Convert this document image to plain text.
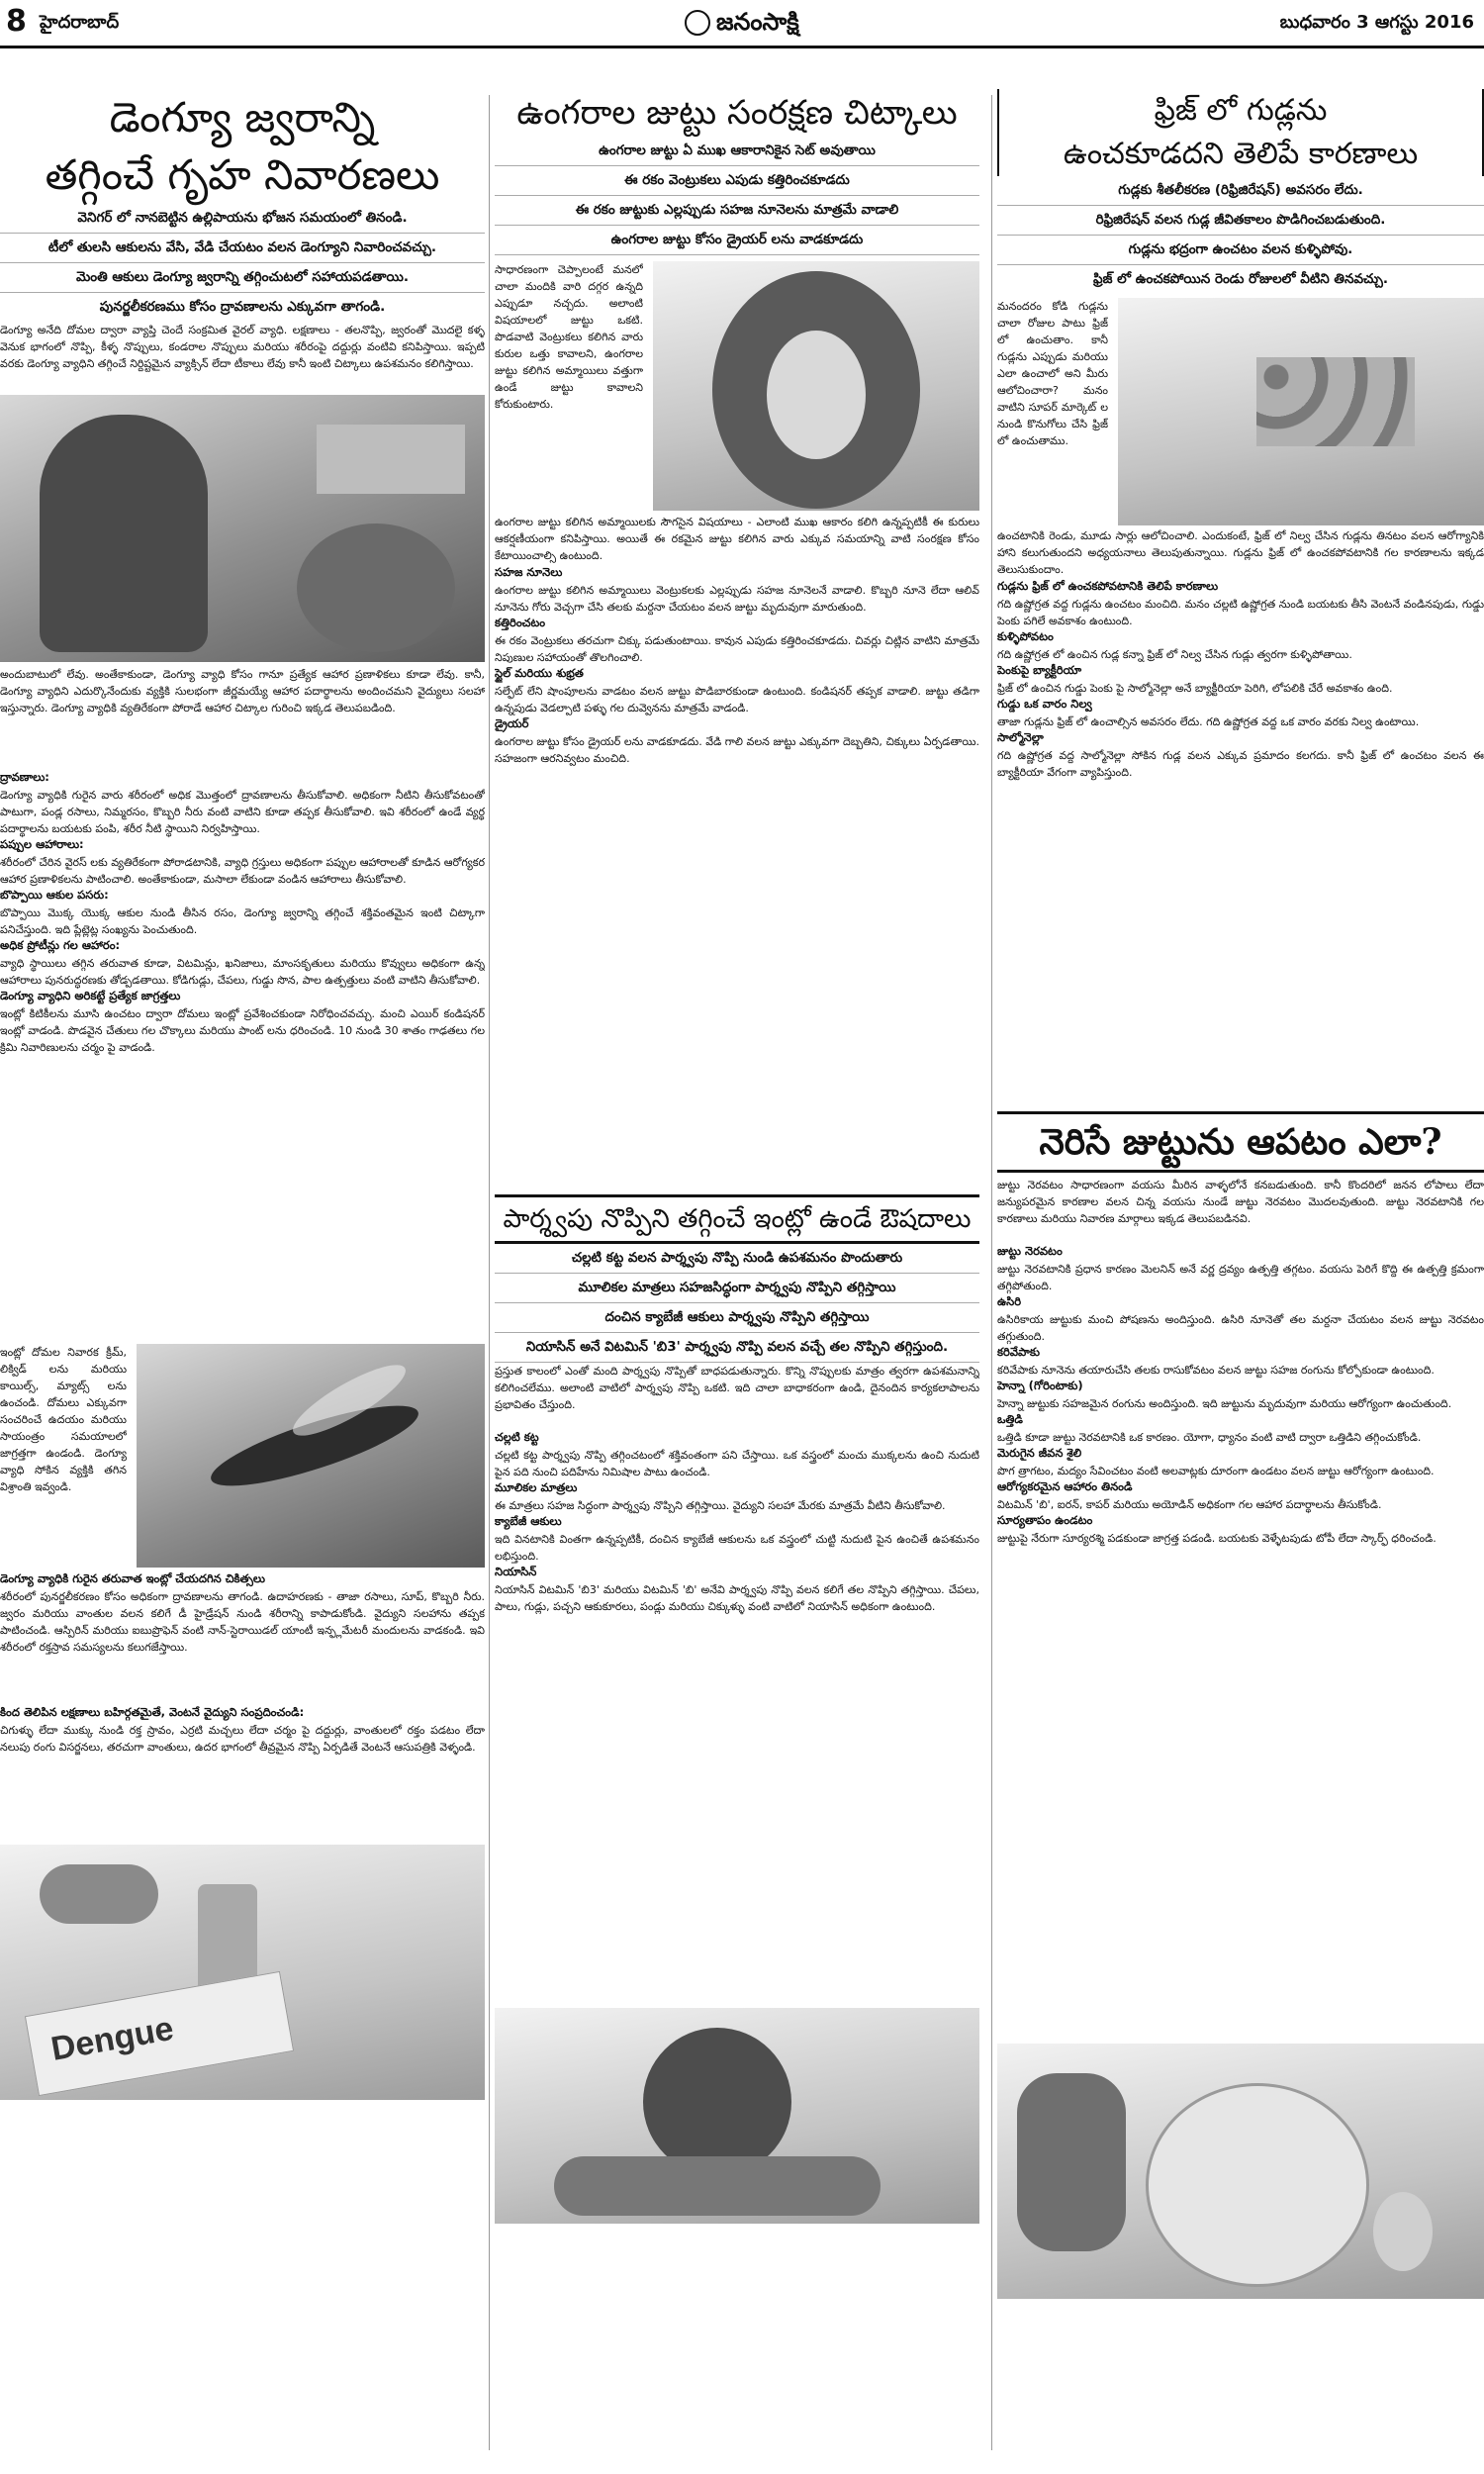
8 హైదరాబాద్	జనంసాక్షి	బుధవారం 3 ఆగస్టు 2016
డెంగ్యూ జ్వరాన్ని
తగ్గించే గృహ నివారణలు
వెనిగర్ లో నానబెట్టిన ఉల్లిపాయను భోజన సమయంలో తినండి.
టీలో తులసి ఆకులను వేసి, వేడి చేయటం వలన డెంగ్యూని నివారించవచ్చు.
మెంతి ఆకులు డెంగ్యూ జ్వరాన్ని తగ్గించుటలో సహాయపడతాయి.
పునర్జలీకరణము కోసం ద్రావణాలను ఎక్కువగా తాగండి.
డెంగ్యూ అనేది దోమల ద్వారా వ్యాప్తి చెందే సంక్రమిత వైరల్ వ్యాధి. లక్షణాలు - తలనొప్పి, జ్వరంతో మొదలై కళ్ళ వెనుక భాగంలో నొప్పి, కీళ్ళ నొప్పులు, కండరాల నొప్పులు మరియు శరీరంపై దద్దుర్లు వంటివి కనిపిస్తాయి. ఇప్పటి వరకు డెంగ్యూ వ్యాధిని తగ్గించే నిర్దిష్టమైన వ్యాక్సిన్ లేదా టీకాలు లేవు కానీ ఇంటి చిట్కాలు ఉపశమనం కలిగిస్తాయి.
అందుబాటులో లేవు. అంతేకాకుండా, డెంగ్యూ వ్యాధి కోసం గానూ ప్రత్యేక ఆహార ప్రణాళికలు కూడా లేవు. కానీ, డెంగ్యూ వ్యాధిని ఎదుర్కొనేందుకు వ్యక్తికి సులభంగా జీర్ణమయ్యే ఆహార పదార్థాలను అందించమని వైద్యులు సలహా ఇస్తున్నారు. డెంగ్యూ వ్యాధికి వ్యతిరేకంగా పోరాడే ఆహార చిట్కాల గురించి ఇక్కడ తెలుపబడింది.
ద్రావణాలు:
డెంగ్యూ వ్యాధికి గురైన వారు శరీరంలో అధిక మొత్తంలో ద్రావణాలను తీసుకోవాలి. అధికంగా నీటిని తీసుకోవటంతో పాటుగా, పండ్ల రసాలు, నిమ్మరసం, కొబ్బరి నీరు వంటి వాటిని కూడా తప్పక తీసుకోవాలి. ఇవి శరీరంలో ఉండే వ్యర్థ పదార్థాలను బయటకు పంపి, శరీర నీటి స్థాయిని నిర్వహిస్తాయి.
పప్పుల ఆహారాలు:
శరీరంలో చేరిన వైరస్ లకు వ్యతిరేకంగా పోరాడటానికి, వ్యాధి గ్రస్తులు అధికంగా పప్పుల ఆహారాలతో కూడిన ఆరోగ్యకర ఆహార ప్రణాళికలను పాటించాలి. అంతేకాకుండా, మసాలా లేకుండా వండిన ఆహారాలు తీసుకోవాలి.
బొప్పాయి ఆకుల పసరు:
బొప్పాయి మొక్క యొక్క ఆకుల నుండి తీసిన రసం, డెంగ్యూ జ్వరాన్ని తగ్గించే శక్తివంతమైన ఇంటి చిట్కాగా పనిచేస్తుంది. ఇది ప్లేట్లెట్ల సంఖ్యను పెంచుతుంది.
అధిక ప్రోటీన్లు గల ఆహారం:
వ్యాధి స్థాయిలు తగ్గిన తరువాత కూడా, విటమిన్లు, ఖనిజాలు, మాంసకృతులు మరియు కొవ్వులు అధికంగా ఉన్న ఆహారాలు పునరుద్ధరణకు తోడ్పడతాయి. కోడిగుడ్లు, చేపలు, గుడ్డు సొన, పాల ఉత్పత్తులు వంటి వాటిని తీసుకోవాలి.
డెంగ్యూ వ్యాధిని అరికట్టే ప్రత్యేక జాగ్రత్తలు
ఇంట్లో కిటికీలను మూసి ఉంచటం ద్వారా దోమలు ఇంట్లో ప్రవేశించకుండా నిరోధించవచ్చు. మంచి ఎయిర్ కండిషనర్ ఇంట్లో వాడండి. పొడవైన చేతులు గల చొక్కాలు మరియు పాంట్ లను ధరించండి. 10 నుండి 30 శాతం గాఢతలు గల క్రిమి నివారిణులను చర్మం పై వాడండి.
ఇంట్లో దోమల నివారక క్రీమ్, లిక్విడ్ లను మరియు కాయిల్స్, మ్యాట్స్ లను ఉంచండి. దోమలు ఎక్కువగా సంచరించే ఉదయం మరియు సాయంత్రం సమయాలలో జాగ్రత్తగా ఉండండి. డెంగ్యూ వ్యాధి సోకిన వ్యక్తికి తగిన విశ్రాంతి ఇవ్వండి.
డెంగ్యూ వ్యాధికి గురైన తరువాత ఇంట్లో చేయదగిన చికిత్సలు
శరీరంలో పునర్జలీకరణం కోసం అధికంగా ద్రావణాలను తాగండి. ఉదాహరణకు - తాజా రసాలు, సూప్, కొబ్బరి నీరు. జ్వరం మరియు వాంతుల వలన కలిగే డీ హైడ్రేషన్ నుండి శరీరాన్ని కాపాడుకోండి. వైద్యుని సలహాను తప్పక పాటించండి. ఆస్పిరిన్ మరియు ఐబుప్రొఫెన్ వంటి నాన్-స్టెరాయిడల్ యాంటీ ఇన్ఫ్లమేటరీ మందులను వాడకండి. ఇవి శరీరంలో రక్తస్రావ సమస్యలను కలుగజేస్తాయి.
కింద తెలిపిన లక్షణాలు బహిర్గతమైతే, వెంటనే వైద్యుని సంప్రదించండి:
చిగుళ్ళు లేదా ముక్కు నుండి రక్త స్రావం, ఎర్రటి మచ్చలు లేదా చర్మం పై దద్దుర్లు, వాంతులలో రక్తం పడటం లేదా నలుపు రంగు విసర్జనలు, తరచుగా వాంతులు, ఉదర భాగంలో తీవ్రమైన నొప్పి ఏర్పడితే వెంటనే ఆసుపత్రికి వెళ్ళండి.
Dengue
ఉంగరాల జుట్టు సంరక్షణ చిట్కాలు
ఉంగరాల జుట్టు ఏ ముఖ ఆకారానికైన సెట్ అవుతాయి
ఈ రకం వెంట్రుకలు ఎపుడు కత్తిరించకూడదు
ఈ రకం జుట్టుకు ఎల్లప్పుడు సహజ నూనెలను మాత్రమే వాడాలి
ఉంగరాల జుట్టు కోసం డ్రైయర్ లను వాడకూడదు
సాధారణంగా చెప్పాలంటే మనలో చాలా మందికి వారి దగ్గర ఉన్నది ఎప్పుడూ నచ్చదు. అలాంటి విషయాలలో జుట్టు ఒకటి. పొడవాటి వెంట్రుకలు కలిగిన వారు కురుల ఒత్తు కావాలని, ఉంగరాల జుట్టు కలిగిన అమ్మాయిలు వత్తుగా ఉండే జుట్టు కావాలని కోరుకుంటారు.
ఉంగరాల జుట్టు కలిగిన అమ్మాయిలకు సౌగసైన విషయాలు - ఎలాంటి ముఖ ఆకారం కలిగి ఉన్నప్పటికీ ఈ కురులు ఆకర్షణీయంగా కనిపిస్తాయి. అయితే ఈ రకమైన జుట్టు కలిగిన వారు ఎక్కువ సమయాన్ని వాటి సంరక్షణ కోసం కేటాయించాల్సి ఉంటుంది.
సహజ నూనెలు
ఉంగరాల జుట్టు కలిగిన అమ్మాయిలు వెంట్రుకలకు ఎల్లప్పుడు సహజ నూనెలనే వాడాలి. కొబ్బరి నూనె లేదా ఆలివ్ నూనెను గోరు వెచ్చగా చేసి తలకు మర్దనా చేయటం వలన జుట్టు మృదువుగా మారుతుంది.
కత్తిరించటం
ఈ రకం వెంట్రుకలు తరచుగా చిక్కు పడుతుంటాయి. కావున ఎపుడు కత్తిరించకూడదు. చివర్లు చిట్లిన వాటిని మాత్రమే నిపుణుల సహాయంతో తొలగించాలి.
స్టైల్ మరియు శుభ్రత
సల్ఫేట్ లేని షాంపూలను వాడటం వలన జుట్టు పొడిబారకుండా ఉంటుంది. కండిషనర్ తప్పక వాడాలి. జుట్టు తడిగా ఉన్నపుడు వెడల్పాటి పళ్ళు గల దువ్వెనను మాత్రమే వాడండి.
డ్రైయర్
ఉంగరాల జుట్టు కోసం డ్రైయర్ లను వాడకూడదు. వేడి గాలి వలన జుట్టు ఎక్కువగా దెబ్బతిని, చిక్కులు ఏర్పడతాయి. సహజంగా ఆరనివ్వటం మంచిది.
పార్శ్వపు నొప్పిని తగ్గించే ఇంట్లో ఉండే ఔషదాలు
చల్లటి కట్ట వలన పార్శ్వపు నొప్పి నుండి ఉపశమనం పొందుతారు
మూలికల మాత్రలు సహజసిద్ధంగా పార్శ్వపు నొప్పిని తగ్గిస్తాయి
దంచిన క్యాబేజీ ఆకులు పార్శ్వపు నొప్పిని తగ్గిస్తాయి
నియాసిన్ అనే విటమిన్ 'బి3' పార్శ్వపు నొప్పి వలన వచ్చే తల నొప్పిని తగ్గిస్తుంది.
ప్రస్తుత కాలంలో ఎంతో మంది పార్శ్వపు నొప్పితో బాధపడుతున్నారు. కొన్ని నొప్పులకు మాత్రం త్వరగా ఉపశమనాన్ని కలిగించలేము. అలాంటి వాటిలో పార్శ్వపు నొప్పి ఒకటి. ఇది చాలా బాధాకరంగా ఉండి, దైనందిన కార్యకలాపాలను ప్రభావితం చేస్తుంది.
చల్లటి కట్ట
చల్లటి కట్ట పార్శ్వపు నొప్పి తగ్గించటంలో శక్తివంతంగా పని చేస్తాయి. ఒక వస్త్రంలో మంచు ముక్కలను ఉంచి నుదుటి పైన పది నుంచి పదిహేను నిమిషాల పాటు ఉంచండి.
మూలికల మాత్రలు
ఈ మాత్రలు సహజ సిద్ధంగా పార్శ్వపు నొప్పిని తగ్గిస్తాయి. వైద్యుని సలహా మేరకు మాత్రమే వీటిని తీసుకోవాలి.
క్యాబేజీ ఆకులు
ఇది వినటానికి వింతగా ఉన్నప్పటికీ, దంచిన క్యాబేజీ ఆకులను ఒక వస్త్రంలో చుట్టి నుదుటి పైన ఉంచితే ఉపశమనం లభిస్తుంది.
నియాసిన్
నియాసిన్ విటమిన్ 'బి3' మరియు విటమిన్ 'బి' అనేవి పార్శ్వపు నొప్పి వలన కలిగే తల నొప్పిని తగ్గిస్తాయి. చేపలు, పాలు, గుడ్లు, పచ్చని ఆకుకూరలు, పండ్లు మరియు చిక్కుళ్ళు వంటి వాటిలో నియాసిన్ అధికంగా ఉంటుంది.
ఫ్రిజ్ లో గుడ్లను
ఉంచకూడదని తెలిపే కారణాలు
గుడ్లకు శీతలీకరణ (రిఫ్రిజిరేషన్) అవసరం లేదు.
రిఫ్రిజిరేషన్ వలన గుడ్ల జీవితకాలం పొడిగించబడుతుంది.
గుడ్లను భద్రంగా ఉంచటం వలన కుళ్ళిపోవు.
ఫ్రిజ్ లో ఉంచకపోయిన రెండు రోజులలో వీటిని తినవచ్చు.
మనందరం కోడి గుడ్లను చాలా రోజుల పాటు ఫ్రిజ్ లో ఉంచుతాం. కానీ గుడ్లను ఎప్పుడు మరియు ఎలా ఉంచాలో అని మీరు ఆలోచించారా? మనం వాటిని సూపర్ మార్కెట్ ల నుండి కొనుగోలు చేసి ఫ్రిజ్ లో ఉంచుతాము.
ఉంచటానికి రెండు, మూడు సార్లు ఆలోచించాలి. ఎందుకంటే, ఫ్రిజ్ లో నిల్వ చేసిన గుడ్లను తినటం వలన ఆరోగ్యానికి హాని కలుగుతుందని అధ్యయనాలు తెలుపుతున్నాయి. గుడ్లను ఫ్రిజ్ లో ఉంచకపోవటానికి గల కారణాలను ఇక్కడ తెలుసుకుందాం.
గుడ్లను ఫ్రిజ్ లో ఉంచకపోవటానికి తెలిపే కారణాలు
గది ఉష్ణోగ్రత వద్ద గుడ్లను ఉంచటం మంచిది. మనం చల్లటి ఉష్ణోగ్రత నుండి బయటకు తీసి వెంటనే వండినపుడు, గుడ్డు పెంకు పగిలే అవకాశం ఉంటుంది.
కుళ్ళిపోవటం
గది ఉష్ణోగ్రత లో ఉంచిన గుడ్ల కన్నా ఫ్రిజ్ లో నిల్వ చేసిన గుడ్లు త్వరగా కుళ్ళిపోతాయి.
పెంకుపై బ్యాక్టీరియా
ఫ్రిజ్ లో ఉంచిన గుడ్డు పెంకు పై సాల్మోనెల్లా అనే బ్యాక్టీరియా పెరిగి, లోపలికి చేరే అవకాశం ఉంది.
గుడ్డు ఒక వారం నిల్వ
తాజా గుడ్లను ఫ్రిజ్ లో ఉంచాల్సిన అవసరం లేదు. గది ఉష్ణోగ్రత వద్ద ఒక వారం వరకు నిల్వ ఉంటాయి.
సాల్మోనెల్లా
గది ఉష్ణోగ్రత వద్ద సాల్మోనెల్లా సోకిన గుడ్ల వలన ఎక్కువ ప్రమాదం కలగదు. కానీ ఫ్రిజ్ లో ఉంచటం వలన ఈ బ్యాక్టీరియా వేగంగా వ్యాపిస్తుంది.
నెరిసే జుట్టును ఆపటం ఎలా?
జుట్టు నెరవటం సాధారణంగా వయసు మీరిన వాళ్ళలోనే కనబడుతుంది. కానీ కొందరిలో జనన లోపాలు లేదా జన్యుపరమైన కారణాల వలన చిన్న వయసు నుండే జుట్టు నెరవటం మొదలవుతుంది. జుట్టు నెరవటానికి గల కారణాలు మరియు నివారణ మార్గాలు ఇక్కడ తెలుపబడినవి.
జుట్టు నెరవటం
జుట్టు నెరవటానికి ప్రధాన కారణం మెలనిన్ అనే వర్ణ ద్రవ్యం ఉత్పత్తి తగ్గటం. వయసు పెరిగే కొద్ది ఈ ఉత్పత్తి క్రమంగా తగ్గిపోతుంది.
ఉసిరి
ఉసిరికాయ జుట్టుకు మంచి పోషణను అందిస్తుంది. ఉసిరి నూనెతో తల మర్దనా చేయటం వలన జుట్టు నెరవటం తగ్గుతుంది.
కరివేపాకు
కరివేపాకు నూనెను తయారుచేసి తలకు రాసుకోవటం వలన జుట్టు సహజ రంగును కోల్పోకుండా ఉంటుంది.
హెన్నా (గోరింటాకు)
హెన్నా జుట్టుకు సహజమైన రంగును అందిస్తుంది. ఇది జుట్టును మృదువుగా మరియు ఆరోగ్యంగా ఉంచుతుంది.
ఒత్తిడి
ఒత్తిడి కూడా జుట్టు నెరవటానికి ఒక కారణం. యోగా, ధ్యానం వంటి వాటి ద్వారా ఒత్తిడిని తగ్గించుకోండి.
మెరుగైన జీవన శైలి
పొగ త్రాగటం, మద్యం సేవించటం వంటి అలవాట్లకు దూరంగా ఉండటం వలన జుట్టు ఆరోగ్యంగా ఉంటుంది.
ఆరోగ్యకరమైన ఆహారం తినండి
విటమిన్ 'బి', ఐరన్, కాపర్ మరియు అయోడిన్ అధికంగా గల ఆహార పదార్థాలను తీసుకోండి.
సూర్యతాపం ఉండటం
జుట్టుపై నేరుగా సూర్యరశ్మి పడకుండా జాగ్రత్త పడండి. బయటకు వెళ్ళేటపుడు టోపీ లేదా స్కార్ఫ్ ధరించండి.
